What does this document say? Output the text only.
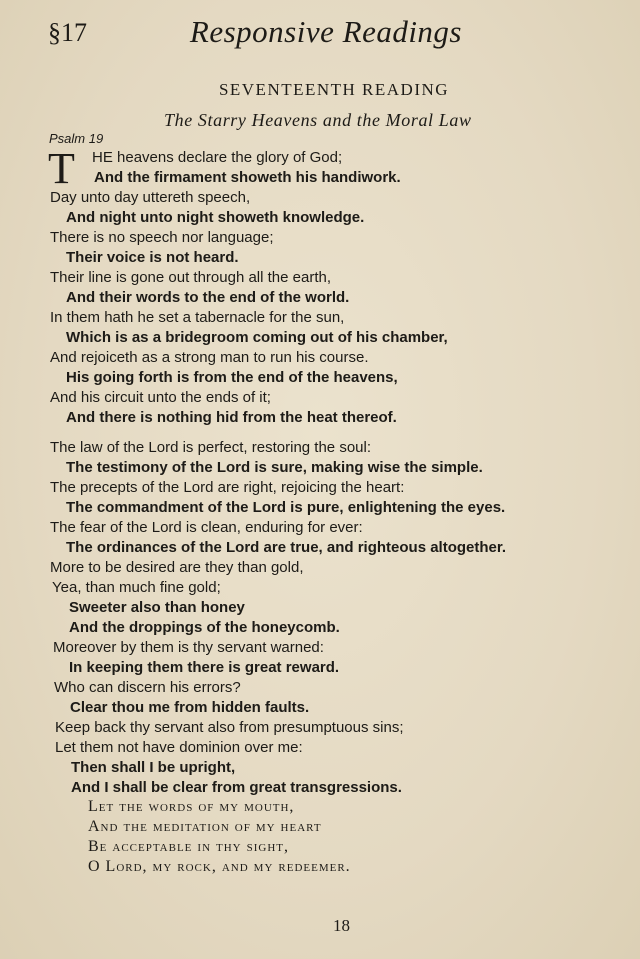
§17	Responsive Readings
SEVENTEENTH READING
The Starry Heavens and the Moral Law
Psalm 19
T HE heavens declare the glory of God;
And the firmament showeth his handiwork.
Day unto day uttereth speech,
And night unto night showeth knowledge.
There is no speech nor language;
Their voice is not heard.
Their line is gone out through all the earth,
And their words to the end of the world.
In them hath he set a tabernacle for the sun,
Which is as a bridegroom coming out of his chamber,
And rejoiceth as a strong man to run his course.
His going forth is from the end of the heavens,
And his circuit unto the ends of it;
And there is nothing hid from the heat thereof.
The law of the Lord is perfect, restoring the soul:
The testimony of the Lord is sure, making wise the simple.
The precepts of the Lord are right, rejoicing the heart:
The commandment of the Lord is pure, enlightening the eyes.
The fear of the Lord is clean, enduring for ever:
The ordinances of the Lord are true, and righteous altogether.
More to be desired are they than gold,
Yea, than much fine gold;
Sweeter also than honey
And the droppings of the honeycomb.
Moreover by them is thy servant warned:
In keeping them there is great reward.
Who can discern his errors?
Clear thou me from hidden faults.
Keep back thy servant also from presumptuous sins;
Let them not have dominion over me:
Then shall I be upright,
And I shall be clear from great transgressions.
Let the words of my mouth,
And the meditation of my heart
Be acceptable in thy sight,
O Lord, my rock, and my redeemer.
18
